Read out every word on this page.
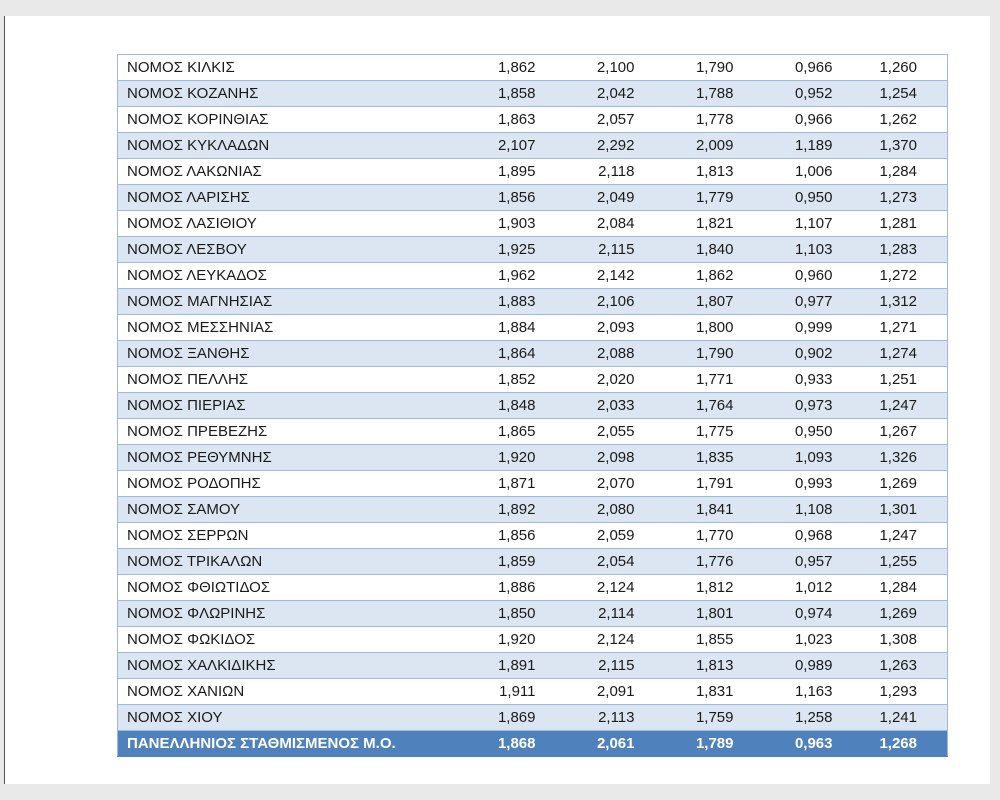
ΝΟΜΟΣ ΚΙΛΚΙΣ	1,862	2,100	1,790	0,966	1,260
ΝΟΜΟΣ ΚΟΖΑΝΗΣ	1,858	2,042	1,788	0,952	1,254
ΝΟΜΟΣ ΚΟΡΙΝΘΙΑΣ	1,863	2,057	1,778	0,966	1,262
ΝΟΜΟΣ ΚΥΚΛΑΔΩΝ	2,107	2,292	2,009	1,189	1,370
ΝΟΜΟΣ ΛΑΚΩΝΙΑΣ	1,895	2,118	1,813	1,006	1,284
ΝΟΜΟΣ ΛΑΡΙΣΗΣ	1,856	2,049	1,779	0,950	1,273
ΝΟΜΟΣ ΛΑΣΙΘΙΟΥ	1,903	2,084	1,821	1,107	1,281
ΝΟΜΟΣ ΛΕΣΒΟΥ	1,925	2,115	1,840	1,103	1,283
ΝΟΜΟΣ ΛΕΥΚΑΔΟΣ	1,962	2,142	1,862	0,960	1,272
ΝΟΜΟΣ ΜΑΓΝΗΣΙΑΣ	1,883	2,106	1,807	0,977	1,312
ΝΟΜΟΣ ΜΕΣΣΗΝΙΑΣ	1,884	2,093	1,800	0,999	1,271
ΝΟΜΟΣ ΞΑΝΘΗΣ	1,864	2,088	1,790	0,902	1,274
ΝΟΜΟΣ ΠΕΛΛΗΣ	1,852	2,020	1,771	0,933	1,251
ΝΟΜΟΣ ΠΙΕΡΙΑΣ	1,848	2,033	1,764	0,973	1,247
ΝΟΜΟΣ ΠΡΕΒΕΖΗΣ	1,865	2,055	1,775	0,950	1,267
ΝΟΜΟΣ ΡΕΘΥΜΝΗΣ	1,920	2,098	1,835	1,093	1,326
ΝΟΜΟΣ ΡΟΔΟΠΗΣ	1,871	2,070	1,791	0,993	1,269
ΝΟΜΟΣ ΣΑΜΟΥ	1,892	2,080	1,841	1,108	1,301
ΝΟΜΟΣ ΣΕΡΡΩΝ	1,856	2,059	1,770	0,968	1,247
ΝΟΜΟΣ ΤΡΙΚΑΛΩΝ	1,859	2,054	1,776	0,957	1,255
ΝΟΜΟΣ ΦΘΙΩΤΙΔΟΣ	1,886	2,124	1,812	1,012	1,284
ΝΟΜΟΣ ΦΛΩΡΙΝΗΣ	1,850	2,114	1,801	0,974	1,269
ΝΟΜΟΣ ΦΩΚΙΔΟΣ	1,920	2,124	1,855	1,023	1,308
ΝΟΜΟΣ ΧΑΛΚΙΔΙΚΗΣ	1,891	2,115	1,813	0,989	1,263
ΝΟΜΟΣ ΧΑΝΙΩΝ	1,911	2,091	1,831	1,163	1,293
ΝΟΜΟΣ ΧΙΟΥ	1,869	2,113	1,759	1,258	1,241
ΠΑΝΕΛΛΗΝΙΟΣ ΣΤΑΘΜΙΣΜΕΝΟΣ Μ.Ο.	1,868	2,061	1,789	0,963	1,268
